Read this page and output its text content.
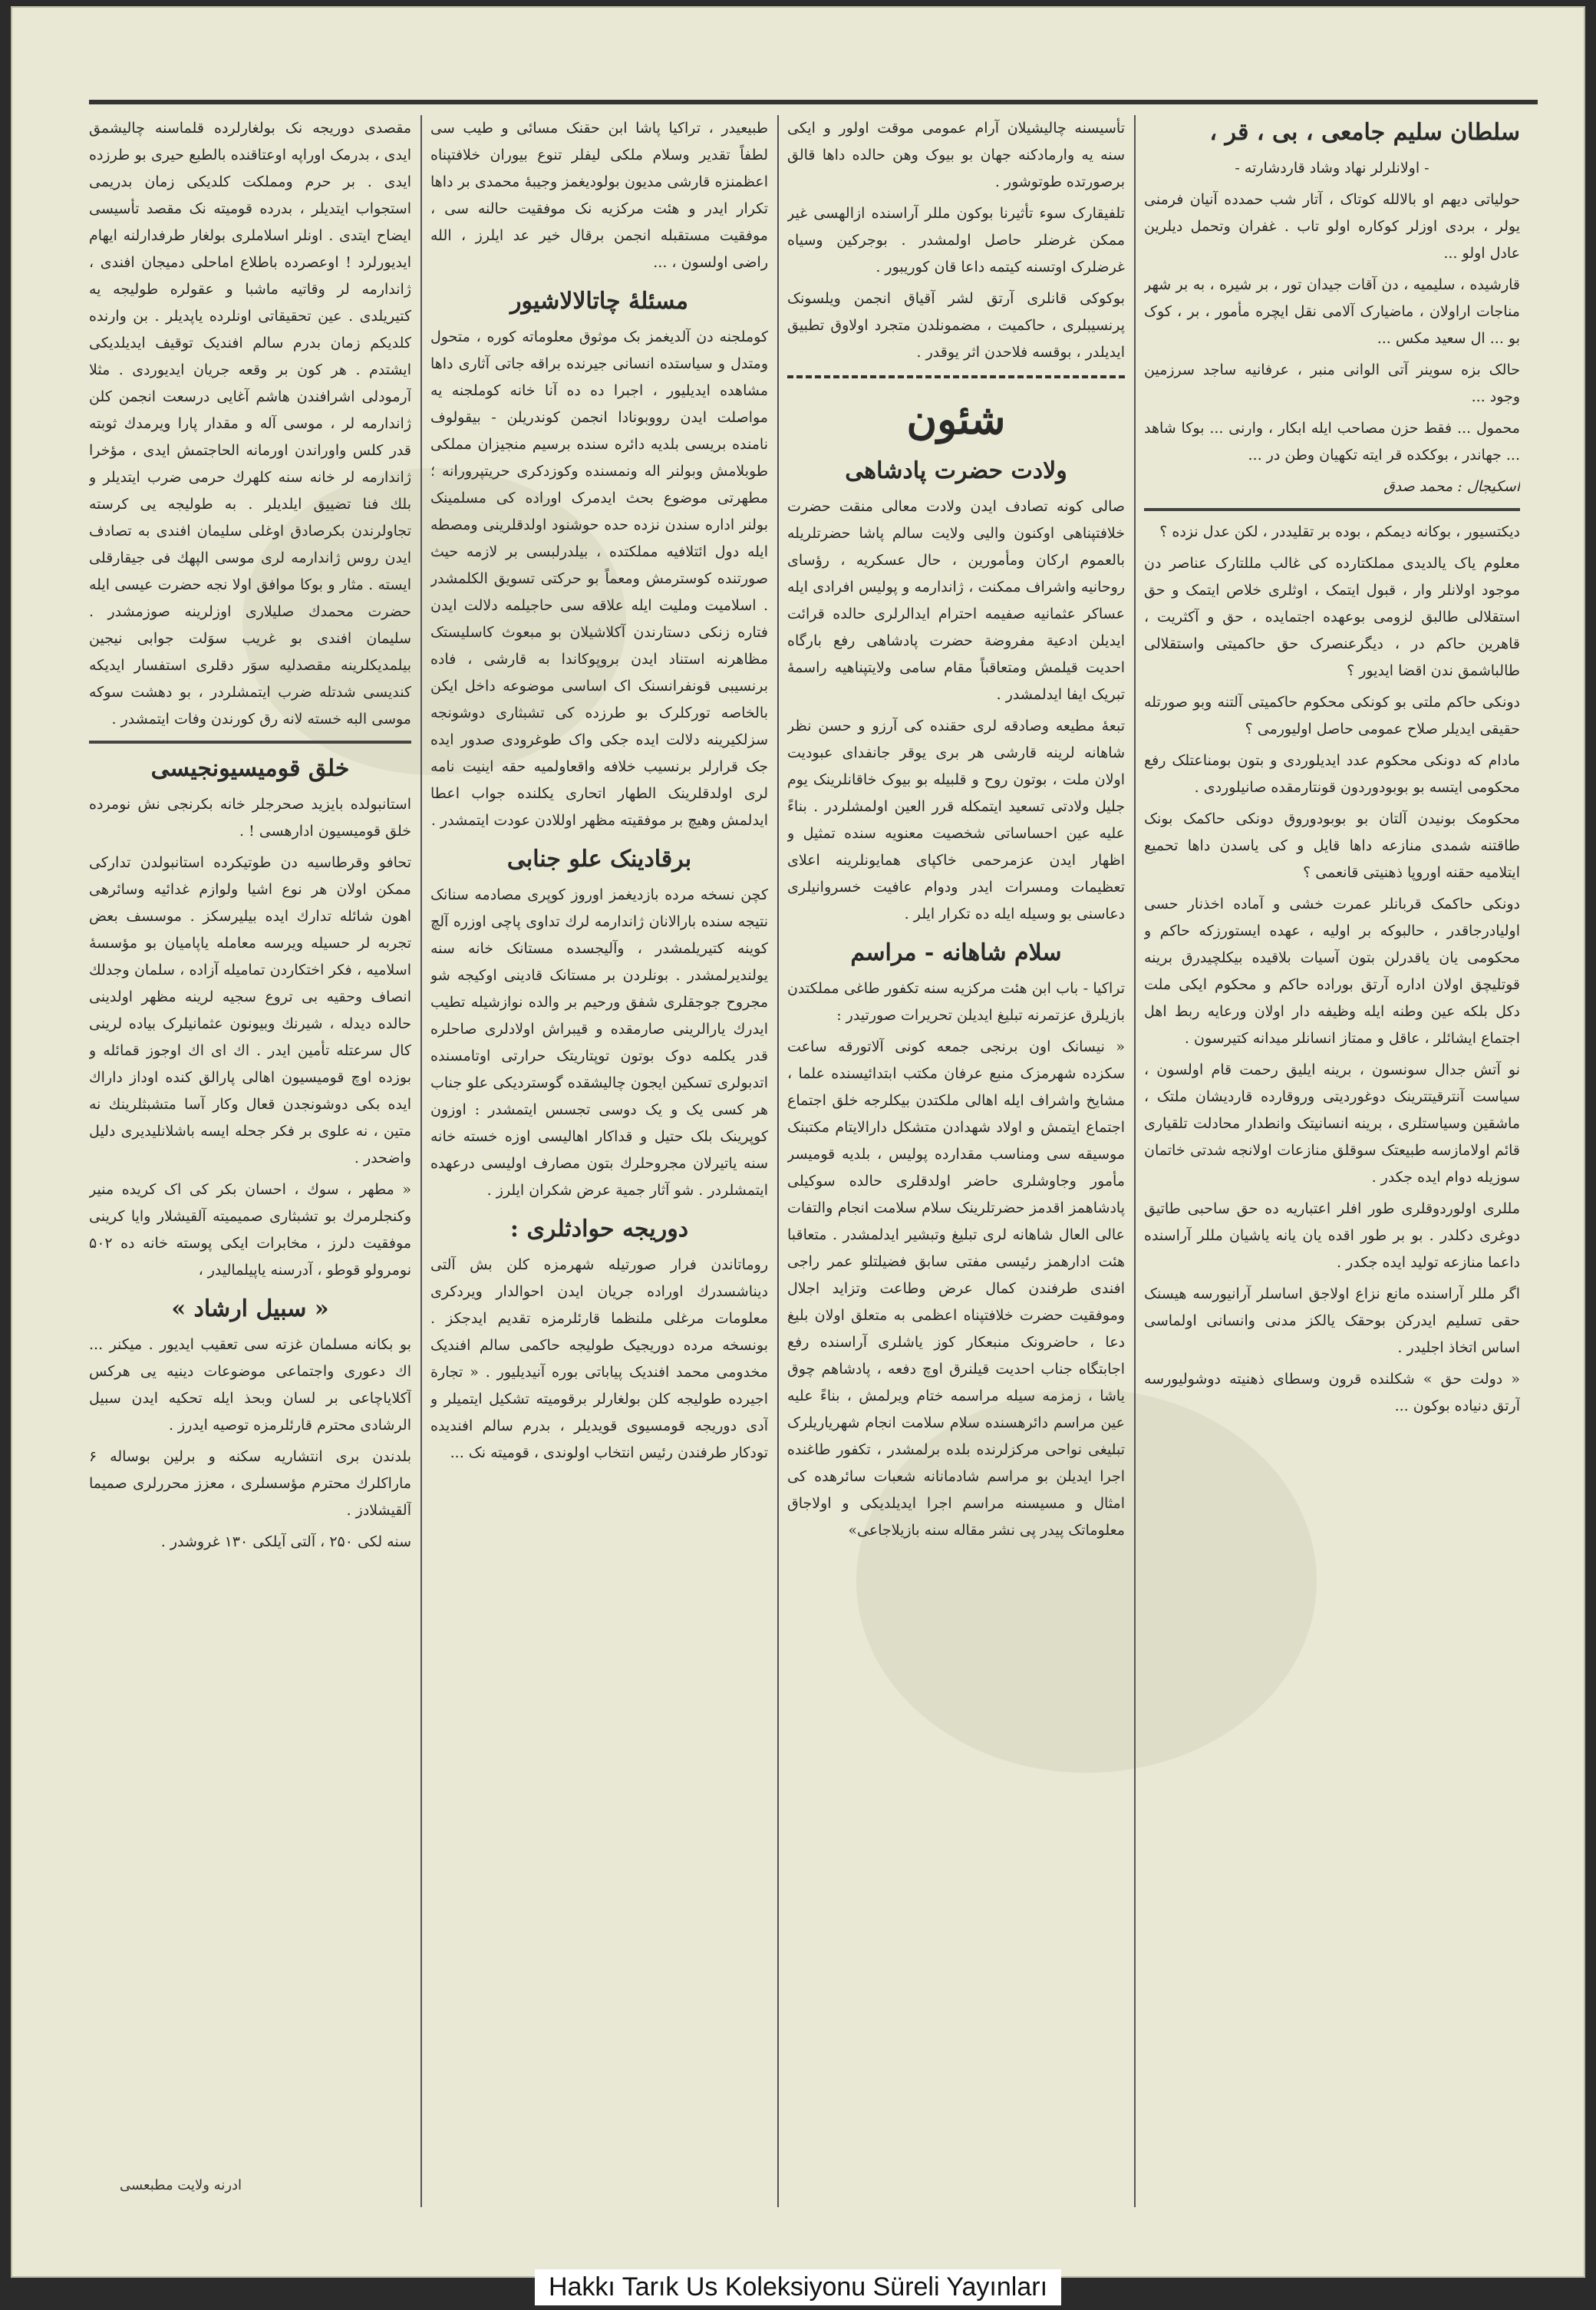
سلطان سلیم جامعی ، بی ، قر ،

- اولانلرلر نهاد وشاد قاردشارته -

حولیاتی دیهم او بالالله کوتاک ، آتار شب حمدده آنیان فرمنی یولر ، بردی اوزلر کوکاره اولو تاب . غفران وتحمل دیلرین عادل اولو ...

قارشیده ، سلیمیه ، دن آقات جیدان تور ، بر شیره ، به بر شهر مناجات اراولان ، ماضیارک آلامی نقل ایچره مأمور ، بر ، کوک بو ... ال سعید مکس ...

حالک بزه سوینر آتی الوانی منبر ، عرفانیه ساجد سرزمین وجود ...

محمول ... فقط حزن مصاحب ایله ابکار ، وارنی ... بوکا شاهد ... جهاندر ، بوککده قر ایته تکهیان وطن در ...

اسکیجال : محمد صدق

دیکتسیور ، بوکانه دیمکم ، بوده بر تقلیددر ، لکن عدل نزده ؟

معلوم یاک یالدیدی مملکتارده کی غالب مللتارک عناصر دن موجود اولانلر وار ، قبول ایتمک ، اوثلری خلاص ایتمک و حق استقلالی طالبق لزومی بوعهده اجتمایده ، حق و آکثریت ، قاهرین حاکم در ، دیگرعنصرک حق حاکمیتی واستقلالی طالباشمق ندن اقضا ایدیور ؟

دونکی حاکم ملتی بو کونکی محکوم حاکمیتی آلتنه وبو صورتله حقیقی ایدیلر صلاح عمومی حاصل اولیورمی ؟

مادام که دونکی محکوم عدد ایدیلوردی و بتون بومناعتلک رفع محکومی ایتسه بو بوبودوردون قونتارمقده صانیلوردی .

محکومک بونیدن آلتان بو بوبودوروق دونکی حاکمک بونک طاقتنه شمدی منازعه داها قایل و کی یاسدن داها تحمیع ایتلامیه حقنه اوروپا ذهنیتی قانعمی ؟

دونکی حاکمک قربانلر عمرت خشی و آماده اخذنار حسی اولیادرجاقدر ، حالبوکه بر اولیه ، عهده ایستورزکه حاکم و محکومی یان یاقدرلن بتون آسیات بلاقیده بیکلچیدرق برینه قوتلیچق اولان اداره آرتق بوراده حاکم و محکوم ایکی ملت دکل بلکه عین وطنه ایله وظیفه دار اولان ورعایه ربط اهل اجتماع ایشائلر ، عاقل و ممتاز انسانلر میدانه کتیرسون .

نو آتش جدال سونسون ، برینه ایلیق رحمت قام اولسون ، سیاست آنترقیتترینک دوغوردیتی وروقارده قاردیشان ملتک ، ماشقین وسیاستلری ، برینه انسانیتک وانطدار محادلت تلقیاری قائم اولامازسه طبیعتک سوقلق منازعات اولانجه شدتی خاتمان سوزیله دوام ایده جکدر .

مللری اولوردوقلری طور افلر اعتباریه ده حق ساحبی طاتیق دوغری دکلدر . بو بر طور اقده یان یانه یاشیان مللر آراسنده داعما منازعه تولید ایده جکدر .

اگر مللر آراسنده مانع نزاع اولاجق اساسلر آرانیورسه هیسنک حقی تسلیم ایدرکن بوحقک یالکز مدنی وانسانی اولماسی اساس اتخاذ اجلیدر .

« دولت حق » شکلنده قرون وسطای ذهنیته دوشولیورسه آرتق دنیاده بوکون ...

تأسیسنه چالیشیلان آرام عمومی موقت اولور و ایکی سنه یه وارمادکنه جهان بو بیوک وهن حالده داها قالق برصورتده طوتوشور .

تلفیقارک سوء تأثیرنا بوکون مللر آراسنده ازالهسی غیر ممکن غرضلر حاصل اولمشدر . بوجرکین وسیاه غرضلرک اوتسنه کیتمه داعا قان کوریبور .

بوکوکی قانلری آرتق لشر آقیاق انجمن ویلسونک پرنسیبلری ، حاکمیت ، مضمونلدن متجرد اولاوق تطبیق ایدیلدر ، بوقسه فلاحدن اثر یوقدر .

شئون
ولادت حضرت پادشاهی

صالی کونه تصادف ایدن ولادت معالی منقت حضرت خلافتپناهی اوکنون والیی ولایت سالم پاشا حضرتلریله بالعموم ارکان ومأمورین ، حال عسکریه ، رؤسای روحانیه واشراف ممکنت ، ژاندارمه و پولیس افرادی ایله عساکر عثمانیه صفیمه احترام ایدالرلری حالده قرائت ایدیلن ادعیة مفروضة حضرت پادشاهی رفع بارگاه احدیت قیلمش ومتعاقباً مقام سامی ولایتپناهیه راسمهٔ تبریک ایفا ایدلمشدر .

تبعهٔ مطیعه وصادقه لری حقنده کی آرزو و حسن نظر شاهانه لرینه قارشی هر بری یوقر جانفدای عبودیت اولان ملت ، بوتون روح و قلبیله بو بیوک خاقانلرینک یوم جلیل ولادتی تسعید ایتمکله قرر العین اولمشلردر . بناءً علیه عین احساساتی شخصیت معنویه سنده تمثیل و اظهار ایدن عزمرحمی خاکپای همایونلرینه اعلای تعظیمات ومسرات ایدر ودوام عافیت خسروانیلری دعاسنی بو وسیله ایله ده تکرار ایلر .

سلام شاهانه - مراسم

تراکیا - باب ابن هئت مرکزیه سنه تکفور طاغی مملکتدن بازیلرق عزتمرنه تبلیغ ایدیلن تحریرات صورتیدر :

« نیسانک اون برنجی جمعه کونی آلاتورقه ساعت سکزده شهرمزک منبع عرفان مکتب ابتدائیسنده علما ، مشایخ واشراف ایله اهالی ملکتدن بیکلرجه خلق اجتماع اجتماع ایتمش و اولاد شهدادن متشکل دارالایتام مکتبنک موسیقه سی ومناسب مقدارده پولیس ، بلدیه قومیسر مأمور وجاوشلری حاضر اولدقلری حالده سوکیلی پادشاهمز اقدمز حضرتلرینک سلام سلامت انجام والتفات عالی العال شاهانه لری تبلیغ وتبشیر ایدلمشدر . متعاقبا هئت ادارهمز رئیسی مفتی سابق فضیلتلو عمر راجی افندی طرفندن کمال عرض وطاعت وتزاید اجلال وموفقیت حضرت خلافتپناه اعظمی به متعلق اولان بلیغ دعا ، حاضرونک منبعکار کوز یاشلری آراسنده رفع اجابتگاه جناب احدیت قیلنرق اوچ دفعه ، پادشاهم چوق یاشا ، زمزمه سیله مراسمه ختام ویرلمش ، بناءً علیه عین مراسم دائرهسنده سلام سلامت انجام شهریاریلرک تبلیغی نواحی مرکزلرنده بلده برلمشدر ، تکفور طاغنده اجرا ایدیلن بو مراسم شادمانانه شعبات سائرهده کی امثال و مسیسنه مراسم اجرا ایدیلدیکی و اولاجاق معلوماتک پیدر پی نشر مقاله سنه بازیلاجاعی»

طبیعیدر ، تراکیا پاشا ابن حقنک مسائی و طیب سی لطفاً تقدیر وسلام ملکی لیفلر تنوع بیوران خلافتپناه اعظمنزه قارشی مدیون بولودیغمز وجیبهٔ محمدی بر داها تکرار ایدر و هئت مرکزیه نک موفقیت حالنه سی ، موفقیت مستقبله انجمن برقال خیر عد ایلرز ، الله راضی اولسون ، ...

مسئلهٔ چاتالالاشیور

کوملجنه دن آلدیغمز بک موثوق معلوماته کوره ، متحول ومتدل و سیاستده انسانی جیرنده براقه جاتی آثاری داها مشاهده ایدیلیور ، اجبرا ده ده آنا خانه کوملجنه یه مواصلت ایدن رووبونادا انجمن کوندریلن - بیقولوف نامنده بریسی بلدیه دائره سنده برسیم منجیزان مملکی طوبلامش وبولنر اله ونمسنده وکوزدکری حریتپرورانه ؛ مطهرتی موضوع بحث ایدمرک اوراده کی مسلمینک بولنر اداره سندن نزده حده حوشنود اولدقلرینی ومصطه ایله دول ائتلافیه مملکتده ، بیلدرلبسی بر لازمه حیث صورتنده کوسترمش ومعماً بو حرکتی تسویق الکلمشدر . اسلامیت وملیت ایله علاقه سی حاجیلمه دلالت ایدن فتاره زنکی دستارندن آکلاشیلان بو مبعوث کاسلیستک مظاهرنه استناد ایدن بروپوکاندا به قارشی ، فاده برنسیبی قونفرانسنک اک اساسی موضوعه داخل ایکن بالخاصه تورکلرک بو طرزده کی تشبثاری دوشونجه سزلکیرینه دلالت ایده جکی واک طوغرودی صدور ایده جک قرارلر برنسیب خلافه واقعاولمیه حقه اینیت نامه لری اولدقلرینک الطهار اتحاری یکلنده جواب اعطا ایدلمش وهیچ بر موفقیته مظهر اوللادن عودت ایتمشدر .

برقادینک علو جنابی

کچن نسخه مرده بازدیغمز اوروز کوپری مصادمه سنانک نتیجه سنده بارالانان ژاندارمه لرك تداوی پاچی اوزره آلچ کوینه کتیریلمشدر ، وآلیجسده مستانک خانه سنه یولندیرلمشدر . بونلردن بر مستانک قادینی اوکیجه شو مجروح جوجقلری شفق ورحیم بر والده نوازشیله تطیب ایدرك يارالرینی صارمقده و قیبراش اولادلری صاحلره قدر یکلمه دوک بوتون توپتاریتک حرارتی اوتامسنده اتدبولری تسکین ایجون چالیشقده گوستردیکی علو جناب هر کسی یک و یک دوسی تجسس ایتمشدر : اوزون کوپرینک بلک حتیل و قداکار اهالیسی اوزه خسته خانه سنه یاتیرلان مجروحلرك بتون مصارف اولیسی درعهده ایتمشلردر . شو آثار جمیة عرض شکران ایلرز .

دوریجه حوادثلری :

روماتاندن فرار صورتیله شهرمزه کلن بش آلتی دیناشسدرك اوراده جریان ایدن احوالدار ویردکری معلومات مرغلی ملنظما قارئلرمزه تقدیم ایدجکز . بونسخه مرده دوریجیک طولیجه حاکمی سالم افندیک مخدومی محمد افندیک پیاباتی بوره آنیدیلیور . « تجارة اجیرده طولیجه کلن بولغارلر برقومیته تشکیل ایتمیلر و آدی دوریجه قومسیوی قویدیلر ، بدرم سالم افندیده تودکار طرفندن رئیس انتخاب اولوندی ، قومیته نک ...

مقصدی دوریجه نک بولغارلرده قلماسنه چالیشمق ایدی ، بدرمک اوراپه اوعتاقنده بالطبع حیری بو طرزده ایدی . بر حرم ومملکت کلدیکی زمان بدریمی استجواب ایتدیلر ، بدرده قومیته نک مقصد تأسیسی ایضاح ایتدی . اونلر اسلاملری بولغار طرفدارلنه ایهام ایدیورلرد ! اوعصرده باطلاع اماحلی دمیجان افندی ، ژاندارمه لر وقاتیه ماشبا و عقولره طولیجه یه کتیریلدی . عین تحقیقاتی اونلرده یاپدیلر . بن وارنده کلدیکم زمان بدرم سالم افندیک توقیف ایدیلدیکی ایشتدم . هر کون بر وقعه جریان ایدیوردی . مثلا آرمودلی اشرافندن هاشم آغایی درسعت انجمن کلن ژاندارمه لر ، موسی آله و مقدار پارا ویرمدك ثوبته قدر کلس واوراندن اورمانه الحاجتمش ایدی ، مؤخرا ژاندارمه لر خانه سنه کلهرك حرمی ضرب ایتدیلر و بلك فنا تضییق ایلدیلر . به طولیجه یی کرسته تجاولرندن بکرصادق اوغلی سلیمان افندی به تصادف ایدن روس ژاندارمه لری موسی الپهك فی جیقارقلی ایسته . مثار و بوکا موافق اولا نجه حضرت عیسی ایله حضرت محمدك صلیلاری اوزلرینه صوزمشدر . سلیمان افندی بو غریب سوَلت جوابی نیجین بیلمدیکلرینه مقصدلیه سوَر دقلری استفسار ایدیکه کندیسی شدتله ضرب ایتمشلردر ، بو دهشت سوکه موسی البه خسته لانه رق کورندن وفات ایتمشدر .

خلق قومیسیونجیسی

استانبولده بایزید صحرجلر خانه بکرنجی نش نومرده خلق قومیسیون ادارهسی ! .

تحافو وقرطاسیه دن طوتیکرده استانبولدن تدارکی ممکن اولان هر نوع اشیا ولوازم غدائیه وسائرهی اهون شائله تدارك ایده بیلیرسکز . موسسف بعض تجربه لر حسیله ویرسه معامله یاپامیان بو مؤسسهٔ اسلامیه ، فکر اختکاردن تمامیله آزاده ، سلمان وجدلك انصاف وحقيه بی تروع سجیه لرینه مظهر اولدینی حالده دیدله ، شیرنك وبیونون عثمانیلرک بیاده لرینی کال سرعتله تأمین ایدر . اك ای اك اوجوز قمائله و بوزده اوچ قومیسیون اهالی پارالق کنده اوداز داراك ایده بکی دوشونجدن قعال وکار آسا متشبثلرینك نه متین ، نه علوی بر فکر جحله ایسه باشلانلیدیری دلیل واضحدر .

« مطهر ، سوك ، احسان بکر کی اک کریده منیر وکنجلرمرك بو تشبثاری صمیمیته آلقیشلار وایا کرینی موفقیت دلرز ، مخابرات ایکی پوسته خانه ده ۵۰۲ نومرولو قوطو ، آدرسنه یاپیلمالیدر ،

« سبیل ارشاد »

بو بکانه مسلمان غزته سی تعقیب ایدیور . میکنر ... اك دعوری واجتماعی موضوعات دینیه یی هرکس آکلایاچاعی بر لسان وبحذ ایله تحکیه ایدن سبیل الرشادی محترم قارئلرمزه توصیه ایدرز .

بلدندن بری انتشاریه سکنه و برلین بوساله ۶ ماراکلرك محترم مؤسسلری ، معزز محررلری صمیما آلقیشلادز .

سنه لکی ۲۵۰ ، آلتی آیلکی ۱۳۰ غروشدر .

ادرنه ولایت مطبعسی
Hakkı Tarık Us Koleksiyonu Süreli Yayınları
